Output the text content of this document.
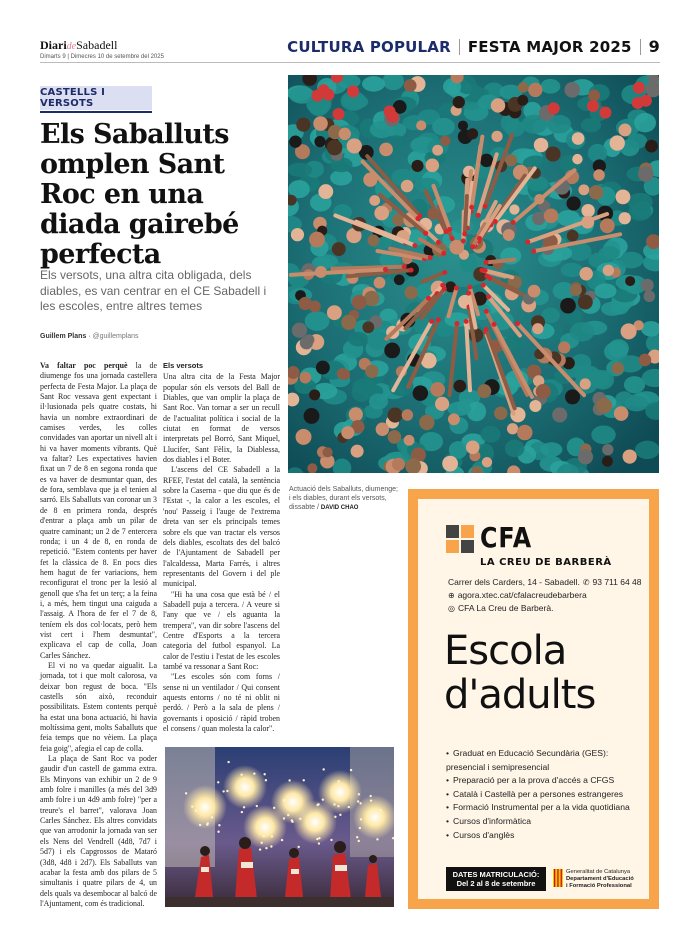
DiarideSabadell
Dimarts 9 | Dimecres 10 de setembre del 2025
CULTURA POPULAR FESTA MAJOR 2025 9
CASTELLS I VERSOTS
Els Saballuts omplen Sant Roc en una diada gairebé perfecta

Els versots, una altra cita obligada, dels diables, es van centrar en el CE Sabadell i les escoles, entre altres temes

Guillem Plans · @guillemplans

Va faltar poc perquè la de diumenge fos una jornada castellera perfecta de Festa Major. La plaça de Sant Roc vessava gent expectant i il·lusionada pels quatre costats, hi havia un nombre extraordinari de camises verdes, les colles convidades van aportar un nivell alt i hi va haver moments vibrants. Què va faltar? Les expectatives havien fixat un 7 de 8 en segona ronda que es va haver de desmuntar quan, des de fora, semblava que ja el tenien al sarró. Els Saballuts van coronar un 3 de 8 en primera ronda, després d'entrar a plaça amb un pilar de quatre caminant; un 2 de 7 entercera ronda; i un 4 de 8, en ronda de repetició. "Estem contents per haver fet la clàssica de 8. En pocs dies hem hagut de fer variacions, hem reconfigurat el tronc per la lesió al genoll que s'ha fet un terç; a la feina i, a més, hem tingut una caiguda a l'assaig. A l'hora de fer el 7 de 8, teníem els dos col·locats, però hem vist cert i l'hem desmuntat", explicava el cap de colla, Joan Carles Sánchez.

El vi no va quedar aigualit. La jornada, tot i que molt calorosa, va deixar bon regust de boca. "Els castells són això, reconduir possibilitats. Estem contents perquè ha estat una bona actuació, hi havia moltíssima gent, molts Saballuts que feia temps que no vèiem. La plaça feia goig", afegia el cap de colla.

La plaça de Sant Roc va poder gaudir d'un castell de gamma extra. Els Minyons van exhibir un 2 de 9 amb folre i manilles (a més del 3d9 amb folre i un 4d9 amb folre) "per a treure's el barret", valorava Joan Carles Sánchez. Els altres convidats que van arrodonir la jornada van ser els Nens del Vendrell (4d8, 7d7 i 5d7) i els Capgrossos de Mataró (3d8, 4d8 i 2d7). Els Saballuts van acabar la festa amb dos pilars de 5 simultanis i quatre pilars de 4, un dels quals va desembocar al balcó de l'Ajuntament, com és tradicional.

Els versots

Una altra cita de la Festa Major popular són els versots del Ball de Diables, que van omplir la plaça de Sant Roc. Van tornar a ser un recull de l'actualitat política i social de la ciutat en format de versos interpretats pel Borró, Sant Miquel, Llucifer, Sant Fèlix, la Diablessa, dos diables i el Boter.

L'ascens del CE Sabadell a la RFEF, l'estat del català, la sentència sobre la Caserna - que diu que és de l'Estat -, la calor a les escoles, el 'nou' Passeig i l'auge de l'extrema dreta van ser els principals temes sobre els que van tractar els versos dels diables, escoltats des del balcó de l'Ajuntament de Sabadell per l'alcaldessa, Marta Farrés, i altres representants del Govern i del ple municipal.

"Hi ha una cosa que està bé / el Sabadell puja a tercera. / A veure si l'any que ve / els aguanta la trempera", van dir sobre l'ascens del Centre d'Esports a la tercera categoria del futbol espanyol. La calor de l'estiu i l'estat de les escoles també va ressonar a Sant Roc:

"Les escoles són com forns / sense ni un ventilador / Qui consent aquests entorns / no té ni oblit ni perdó. / Però a la sala de plens / governants i oposició / ràpid troben el consens / quan molesta la calor".

Actuació dels Saballuts, diumenge; i els diables, durant els versots, dissabte / DAVID CHAO
CFA
LA CREU DE BARBERÀ
Carrer dels Carders, 14 - Sabadell. ✆ 93 711 64 48
⊕ agora.xtec.cat/cfalacreudebarbera
◎ CFA La Creu de Barberà.
Escola
d'adults
• Graduat en Educació Secundària (GES): presencial i semipresencial
• Preparació per a la prova d'accés a CFGS
• Català i Castellà per a persones estrangeres
• Formació Instrumental per a la vida quotidiana
• Cursos d'informàtica
• Cursos d'anglès
DATES MATRICULACIÓ:
Del 2 al 8 de setembre
Generalitat de Catalunya
Departament d'Educació
i Formació Professional
